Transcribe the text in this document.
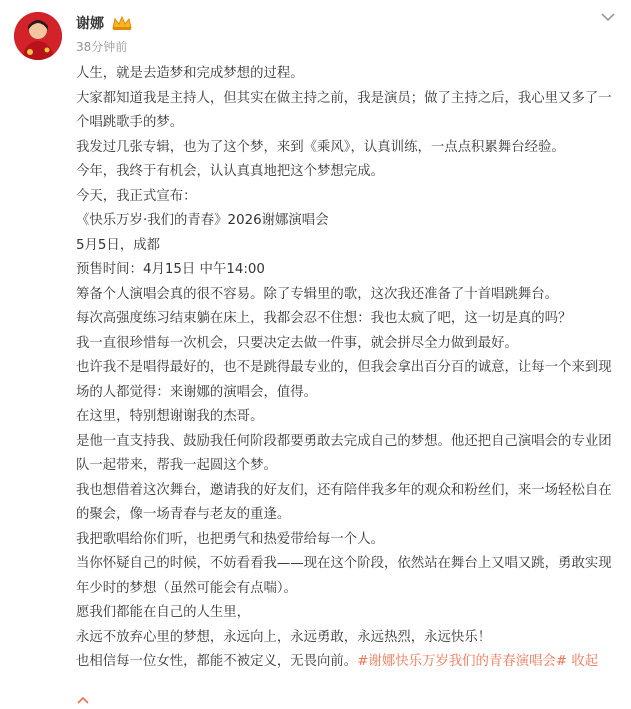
谢娜
38分钟前

人生，就是去造梦和完成梦想的过程。

大家都知道我是主持人，但其实在做主持之前，我是演员；做了主持之后，我心里又多了一个唱跳歌手的梦。

我发过几张专辑，也为了这个梦，来到《乘风》，认真训练，一点点积累舞台经验。

今年，我终于有机会，认认真真地把这个梦想完成。

今天，我正式宣布：

《快乐万岁·我们的青春》2026谢娜演唱会

5月5日，成都

预售时间：4月15日 中午14:00

筹备个人演唱会真的很不容易。除了专辑里的歌，这次我还准备了十首唱跳舞台。

每次高强度练习结束躺在床上，我都会忍不住想：我也太疯了吧，这一切是真的吗？

我一直很珍惜每一次机会，只要决定去做一件事，就会拼尽全力做到最好。

也许我不是唱得最好的，也不是跳得最专业的，但我会拿出百分百的诚意，让每一个来到现场的人都觉得：来谢娜的演唱会，值得。

在这里，特别想谢谢我的杰哥。

是他一直支持我、鼓励我任何阶段都要勇敢去完成自己的梦想。他还把自己演唱会的专业团队一起带来，帮我一起圆这个梦。

我也想借着这次舞台，邀请我的好友们，还有陪伴我多年的观众和粉丝们，来一场轻松自在的聚会，像一场青春与老友的重逢。

我把歌唱给你们听，也把勇气和热爱带给每一个人。

当你怀疑自己的时候，不妨看看我——现在这个阶段，依然站在舞台上又唱又跳，勇敢实现年少时的梦想（虽然可能会有点喘）。

愿我们都能在自己的人生里，

永远不放弃心里的梦想，永远向上，永远勇敢，永远热烈，永远快乐！

也相信每一位女性，都能不被定义，无畏向前。#谢娜快乐万岁我们的青春演唱会# 收起
